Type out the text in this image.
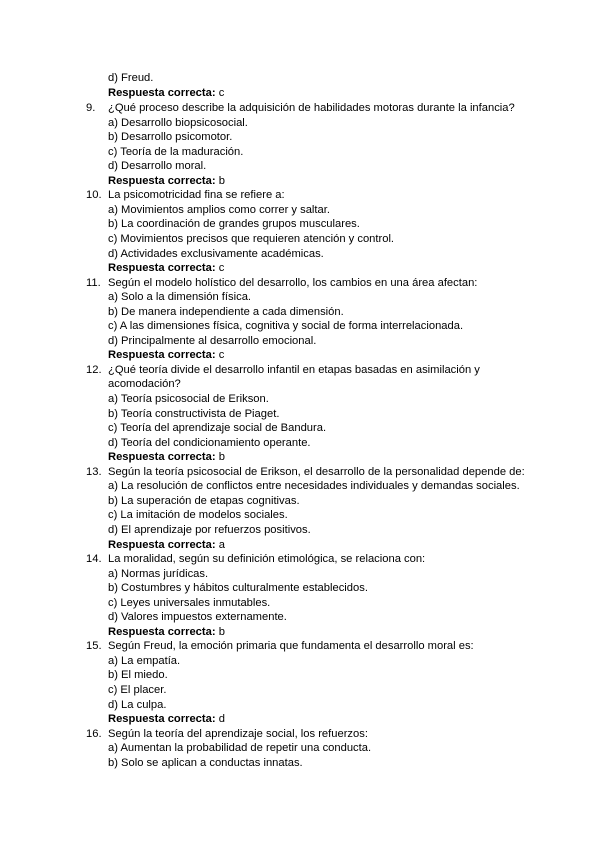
d) Freud.
Respuesta correcta: c
9. ¿Qué proceso describe la adquisición de habilidades motoras durante la infancia?
a) Desarrollo biopsicosocial.
b) Desarrollo psicomotor.
c) Teoría de la maduración.
d) Desarrollo moral.
Respuesta correcta: b
10. La psicomotricidad fina se refiere a:
a) Movimientos amplios como correr y saltar.
b) La coordinación de grandes grupos musculares.
c) Movimientos precisos que requieren atención y control.
d) Actividades exclusivamente académicas.
Respuesta correcta: c
11. Según el modelo holístico del desarrollo, los cambios en una área afectan:
a) Solo a la dimensión física.
b) De manera independiente a cada dimensión.
c) A las dimensiones física, cognitiva y social de forma interrelacionada.
d) Principalmente al desarrollo emocional.
Respuesta correcta: c
12. ¿Qué teoría divide el desarrollo infantil en etapas basadas en asimilación y
acomodación?
a) Teoría psicosocial de Erikson.
b) Teoría constructivista de Piaget.
c) Teoría del aprendizaje social de Bandura.
d) Teoría del condicionamiento operante.
Respuesta correcta: b
13. Según la teoría psicosocial de Erikson, el desarrollo de la personalidad depende de:
a) La resolución de conflictos entre necesidades individuales y demandas sociales.
b) La superación de etapas cognitivas.
c) La imitación de modelos sociales.
d) El aprendizaje por refuerzos positivos.
Respuesta correcta: a
14. La moralidad, según su definición etimológica, se relaciona con:
a) Normas jurídicas.
b) Costumbres y hábitos culturalmente establecidos.
c) Leyes universales inmutables.
d) Valores impuestos externamente.
Respuesta correcta: b
15. Según Freud, la emoción primaria que fundamenta el desarrollo moral es:
a) La empatía.
b) El miedo.
c) El placer.
d) La culpa.
Respuesta correcta: d
16. Según la teoría del aprendizaje social, los refuerzos:
a) Aumentan la probabilidad de repetir una conducta.
b) Solo se aplican a conductas innatas.
